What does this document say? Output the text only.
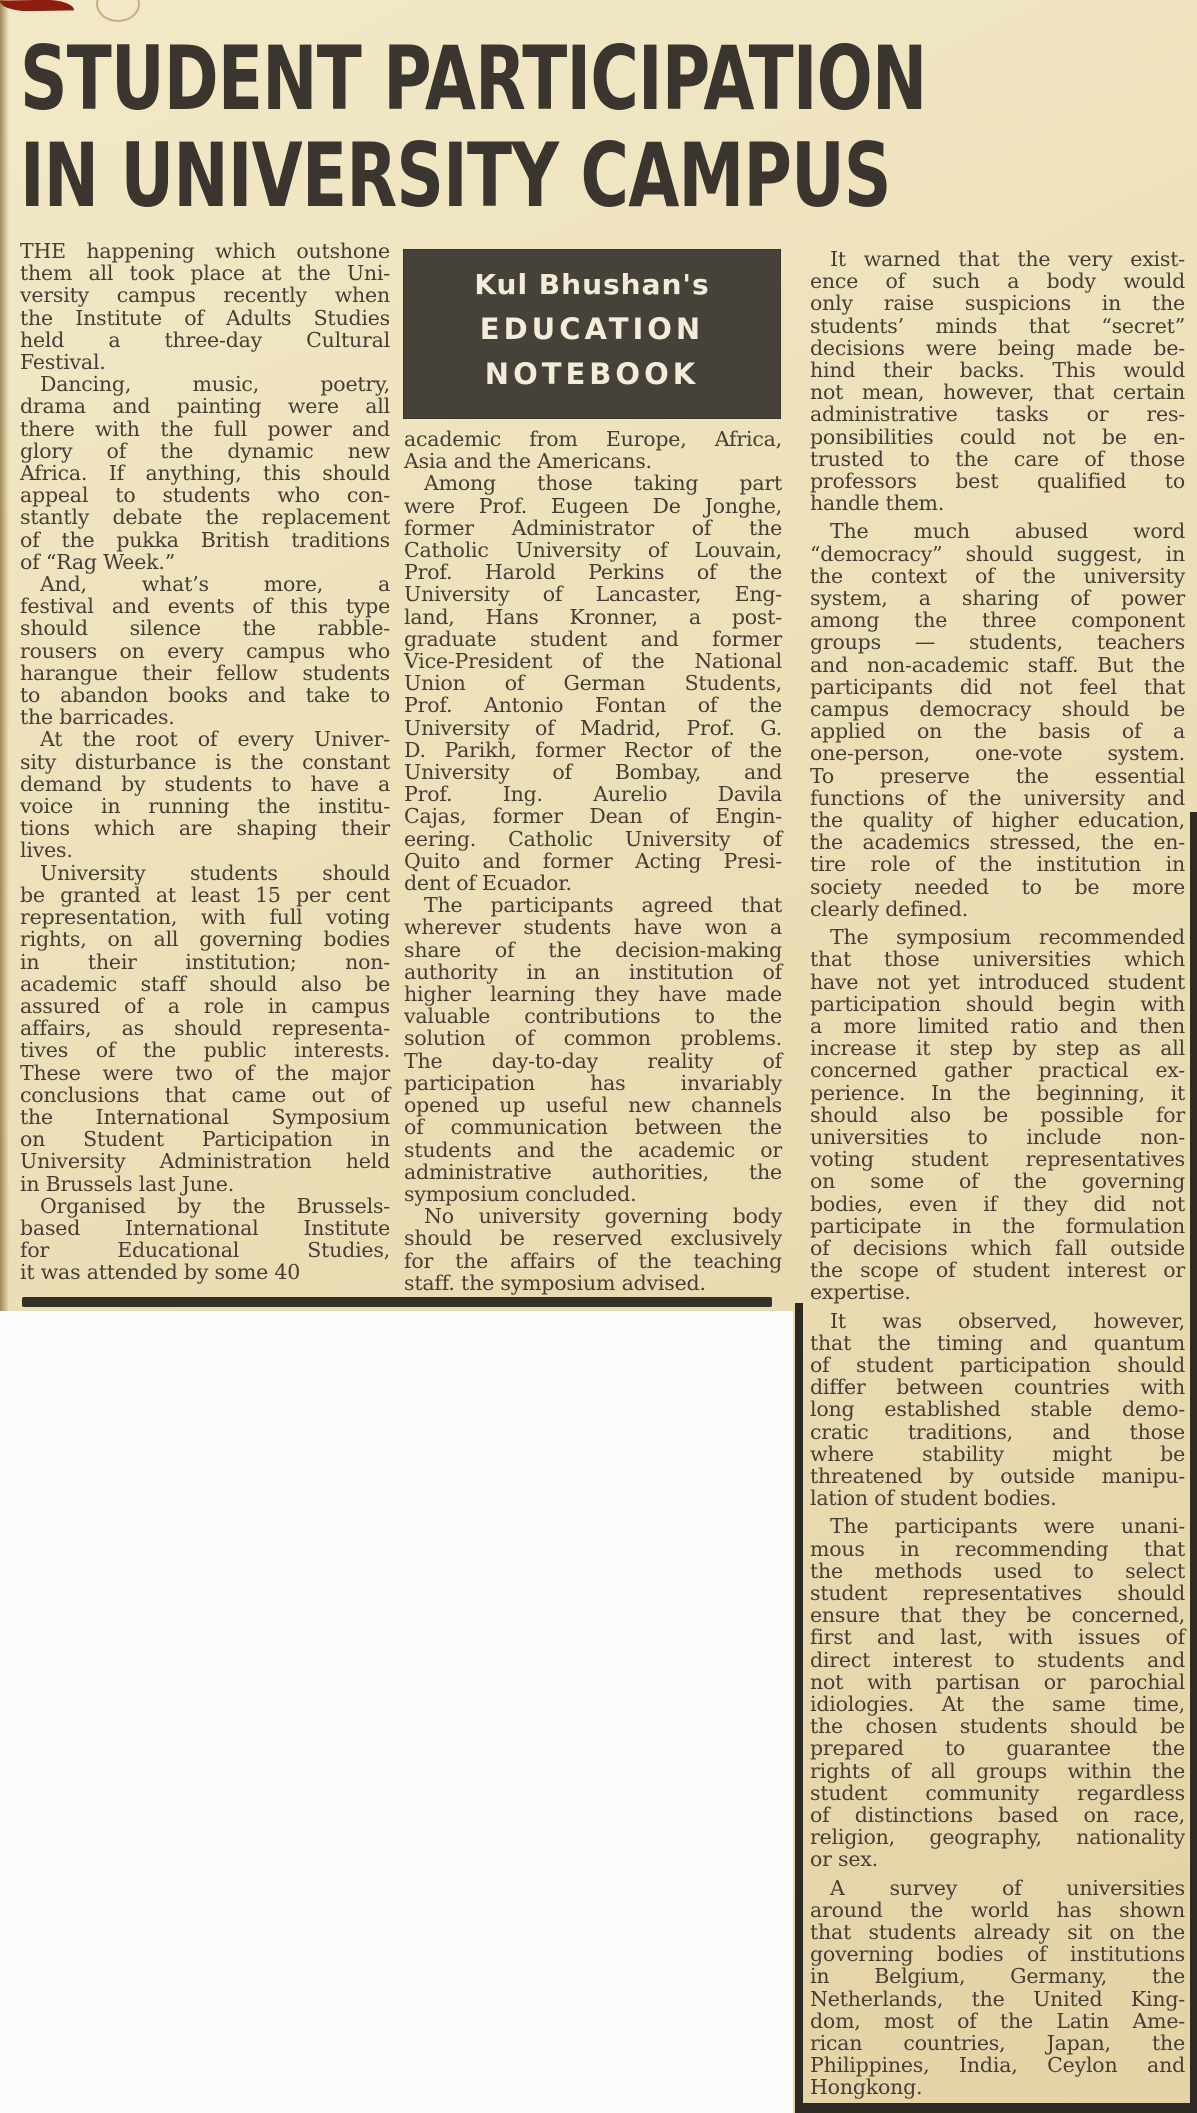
STUDENT PARTICIPATION
IN UNIVERSITY CAMPUS
THE happening which outshone
them all took place at the Uni-
versity campus recently when
the Institute of Adults Studies
held a three-day Cultural
Festival.
Dancing, music, poetry,
drama and painting were all
there with the full power and
glory of the dynamic new
Africa. If anything, this should
appeal to students who con-
stantly debate the replacement
of the pukka British traditions
of “Rag Week.”
And, what’s more, a
festival and events of this type
should silence the rabble-
rousers on every campus who
harangue their fellow students
to abandon books and take to
the barricades.
At the root of every Univer-
sity disturbance is the constant
demand by students to have a
voice in running the institu-
tions which are shaping their
lives.
University students should
be granted at least 15 per cent
representation, with full voting
rights, on all governing bodies
in their institution; non-
academic staff should also be
assured of a role in campus
affairs, as should representa-
tives of the public interests.
These were two of the major
conclusions that came out of
the International Symposium
on Student Participation in
University Administration held
in Brussels last June.
Organised by the Brussels-
based International Institute
for Educational Studies,
it was attended by some 40
Kul Bhushan's
EDUCATION
NOTEBOOK
academic from Europe, Africa,
Asia and the Americans.
Among those taking part
were Prof. Eugeen De Jonghe,
former Administrator of the
Catholic University of Louvain,
Prof. Harold Perkins of the
University of Lancaster, Eng-
land, Hans Kronner, a post-
graduate student and former
Vice-President of the National
Union of German Students,
Prof. Antonio Fontan of the
University of Madrid, Prof. G.
D. Parikh, former Rector of the
University of Bombay, and
Prof. Ing. Aurelio Davila
Cajas, former Dean of Engin-
eering. Catholic University of
Quito and former Acting Presi-
dent of Ecuador.
The participants agreed that
wherever students have won a
share of the decision-making
authority in an institution of
higher learning they have made
valuable contributions to the
solution of common problems.
The day-to-day reality of
participation has invariably
opened up useful new channels
of communication between the
students and the academic or
administrative authorities, the
symposium concluded.
No university governing body
should be reserved exclusively
for the affairs of the teaching
staff. the symposium advised.
It warned that the very exist-
ence of such a body would
only raise suspicions in the
students’ minds that “secret”
decisions were being made be-
hind their backs. This would
not mean, however, that certain
administrative tasks or res-
ponsibilities could not be en-
trusted to the care of those
professors best qualified to
handle them.
The much abused word
“democracy” should suggest, in
the context of the university
system, a sharing of power
among the three component
groups — students, teachers
and non-academic staff. But the
participants did not feel that
campus democracy should be
applied on the basis of a
one-person, one-vote system.
To preserve the essential
functions of the university and
the quality of higher education,
the academics stressed, the en-
tire role of the institution in
society needed to be more
clearly defined.
The symposium recommended
that those universities which
have not yet introduced student
participation should begin with
a more limited ratio and then
increase it step by step as all
concerned gather practical ex-
perience. In the beginning, it
should also be possible for
universities to include non-
voting student representatives
on some of the governing
bodies, even if they did not
participate in the formulation
of decisions which fall outside
the scope of student interest or
expertise.
It was observed, however,
that the timing and quantum
of student participation should
differ between countries with
long established stable demo-
cratic traditions, and those
where stability might be
threatened by outside manipu-
lation of student bodies.
The participants were unani-
mous in recommending that
the methods used to select
student representatives should
ensure that they be concerned,
first and last, with issues of
direct interest to students and
not with partisan or parochial
idiologies. At the same time,
the chosen students should be
prepared to guarantee the
rights of all groups within the
student community regardless
of distinctions based on race,
religion, geography, nationality
or sex.
A survey of universities
around the world has shown
that students already sit on the
governing bodies of institutions
in Belgium, Germany, the
Netherlands, the United King-
dom, most of the Latin Ame-
rican countries, Japan, the
Philippines, India, Ceylon and
Hongkong.
